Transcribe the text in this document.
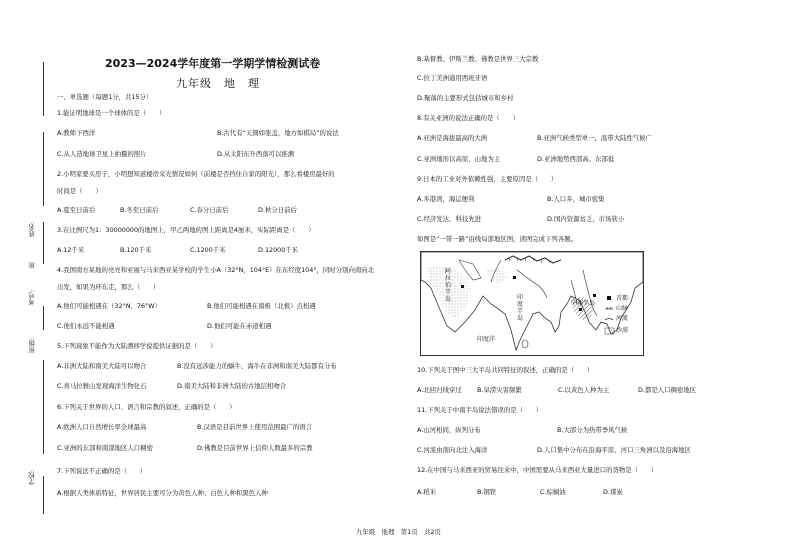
学校:
班级:
考号:
姓名:
班
2023—2024学年度第一学期学情检测试卷
九年级　地　理
一、单选题（每题1分，共15分）
1.能证明地球是一个球体的是（　　）
A.教师下西洋	B.古代有“天圆如张盖，地方如棋局”的说法
C.从人造地球卫星上拍摄的照片	D.从太阳东升西落可以推测
2.小明家要买房子，小明想知道楼房采光情况如何（前楼是否挡住自家的阳光），那么看楼房最好的
时间是（　　）
A.夏至日前后	B.冬至日前后	C.春分日前后	D.秋分日前后
3.在比例尺为1：30000000的地图上，甲乙两地的图上距离是4厘米，实际距离是（　　）
A.12千米	B.120千米	C.1200千米	D.12000千米
4.我国南方某地的亮亮和亚丽与马来西亚某学校的学生小A（32°N，104°E）在东经度104°，同时分别向南向北
出发，如果为环东走，那么（　　）
A.他们可能相遇在（32°N，76°W）	B.他们可能相遇在南极（北极）点相遇
C.他们永远不能相遇	D.他们可能在赤道相遇
5.下列现象不能作为大陆漂移学说提供证据的是（　　）
A.非洲大陆和南美大陆可以吻合	B.没有远涉能力的蜗牛、海牛在非洲和南美大陆都有分布
C.喜马拉雅山发现海洋生物化石	D.南美大陆和非洲大陆的古地层相吻合
6.下列关于世界的人口、语言和宗教的叙述，正确的是（　　）
A.欧洲人口自然增长率全球最高	B.汉语是目前世界上使用范围最广的语言
C.亚洲的东部和南部地区人口稠密	D.佛教是目前世界上信仰人数最多的宗教
7.下列说法不正确的是（　　）
A.根据人类体质特征，世界居民主要可分为黄色人种、白色人种和黑色人种
B.基督教、伊斯兰教、佛教是世界三大宗教
C.拉丁美洲通用西班牙语
D.聚落的主要形式包括城市和乡村
8.有关亚洲的说法正确的是（　　）
A.亚洲是海拔最高的大洲	B.亚洲气候类型单一，温带大陆性气候广
C.亚洲地形以高原、山地为主	D.亚洲地势西部高、东部低
9.日本的工业对外依赖性强，主要原因是（　　）
A.多港湾，海运便利	B.人口多，城市密集
C.经济发达，科技先进	D.国内资源贫乏，市场狭小
如图是“一带一路”沿线局部地区图，读图完成下列各题。
阿拉伯半岛	印度半岛
中南半岛
印度洋
首都
山脉
河流
沙漠
10.下列关于图中三大半岛共同特征的叙述，正确的是（　　）
A.北回归线穿过 B.旱涝灾害频繁	C.以黄色人种为主	D.都是人口稠密地区
11.下列关于中南半岛说法错误的是（　　）
A.山河相间，纵列分布	B.大部分为热带季风气候
C.河流由南向北注入海洋	D.人口集中分布在沿海平原、河口三角洲以及沿海地区
12.在中国与马来西亚的贸易往来中，中国需要从马来西亚大量进口的货物是（　　）
A.稻米	B.钢铁	C.棕榈油	D.煤炭
九年级　地理　第1页　共2页
